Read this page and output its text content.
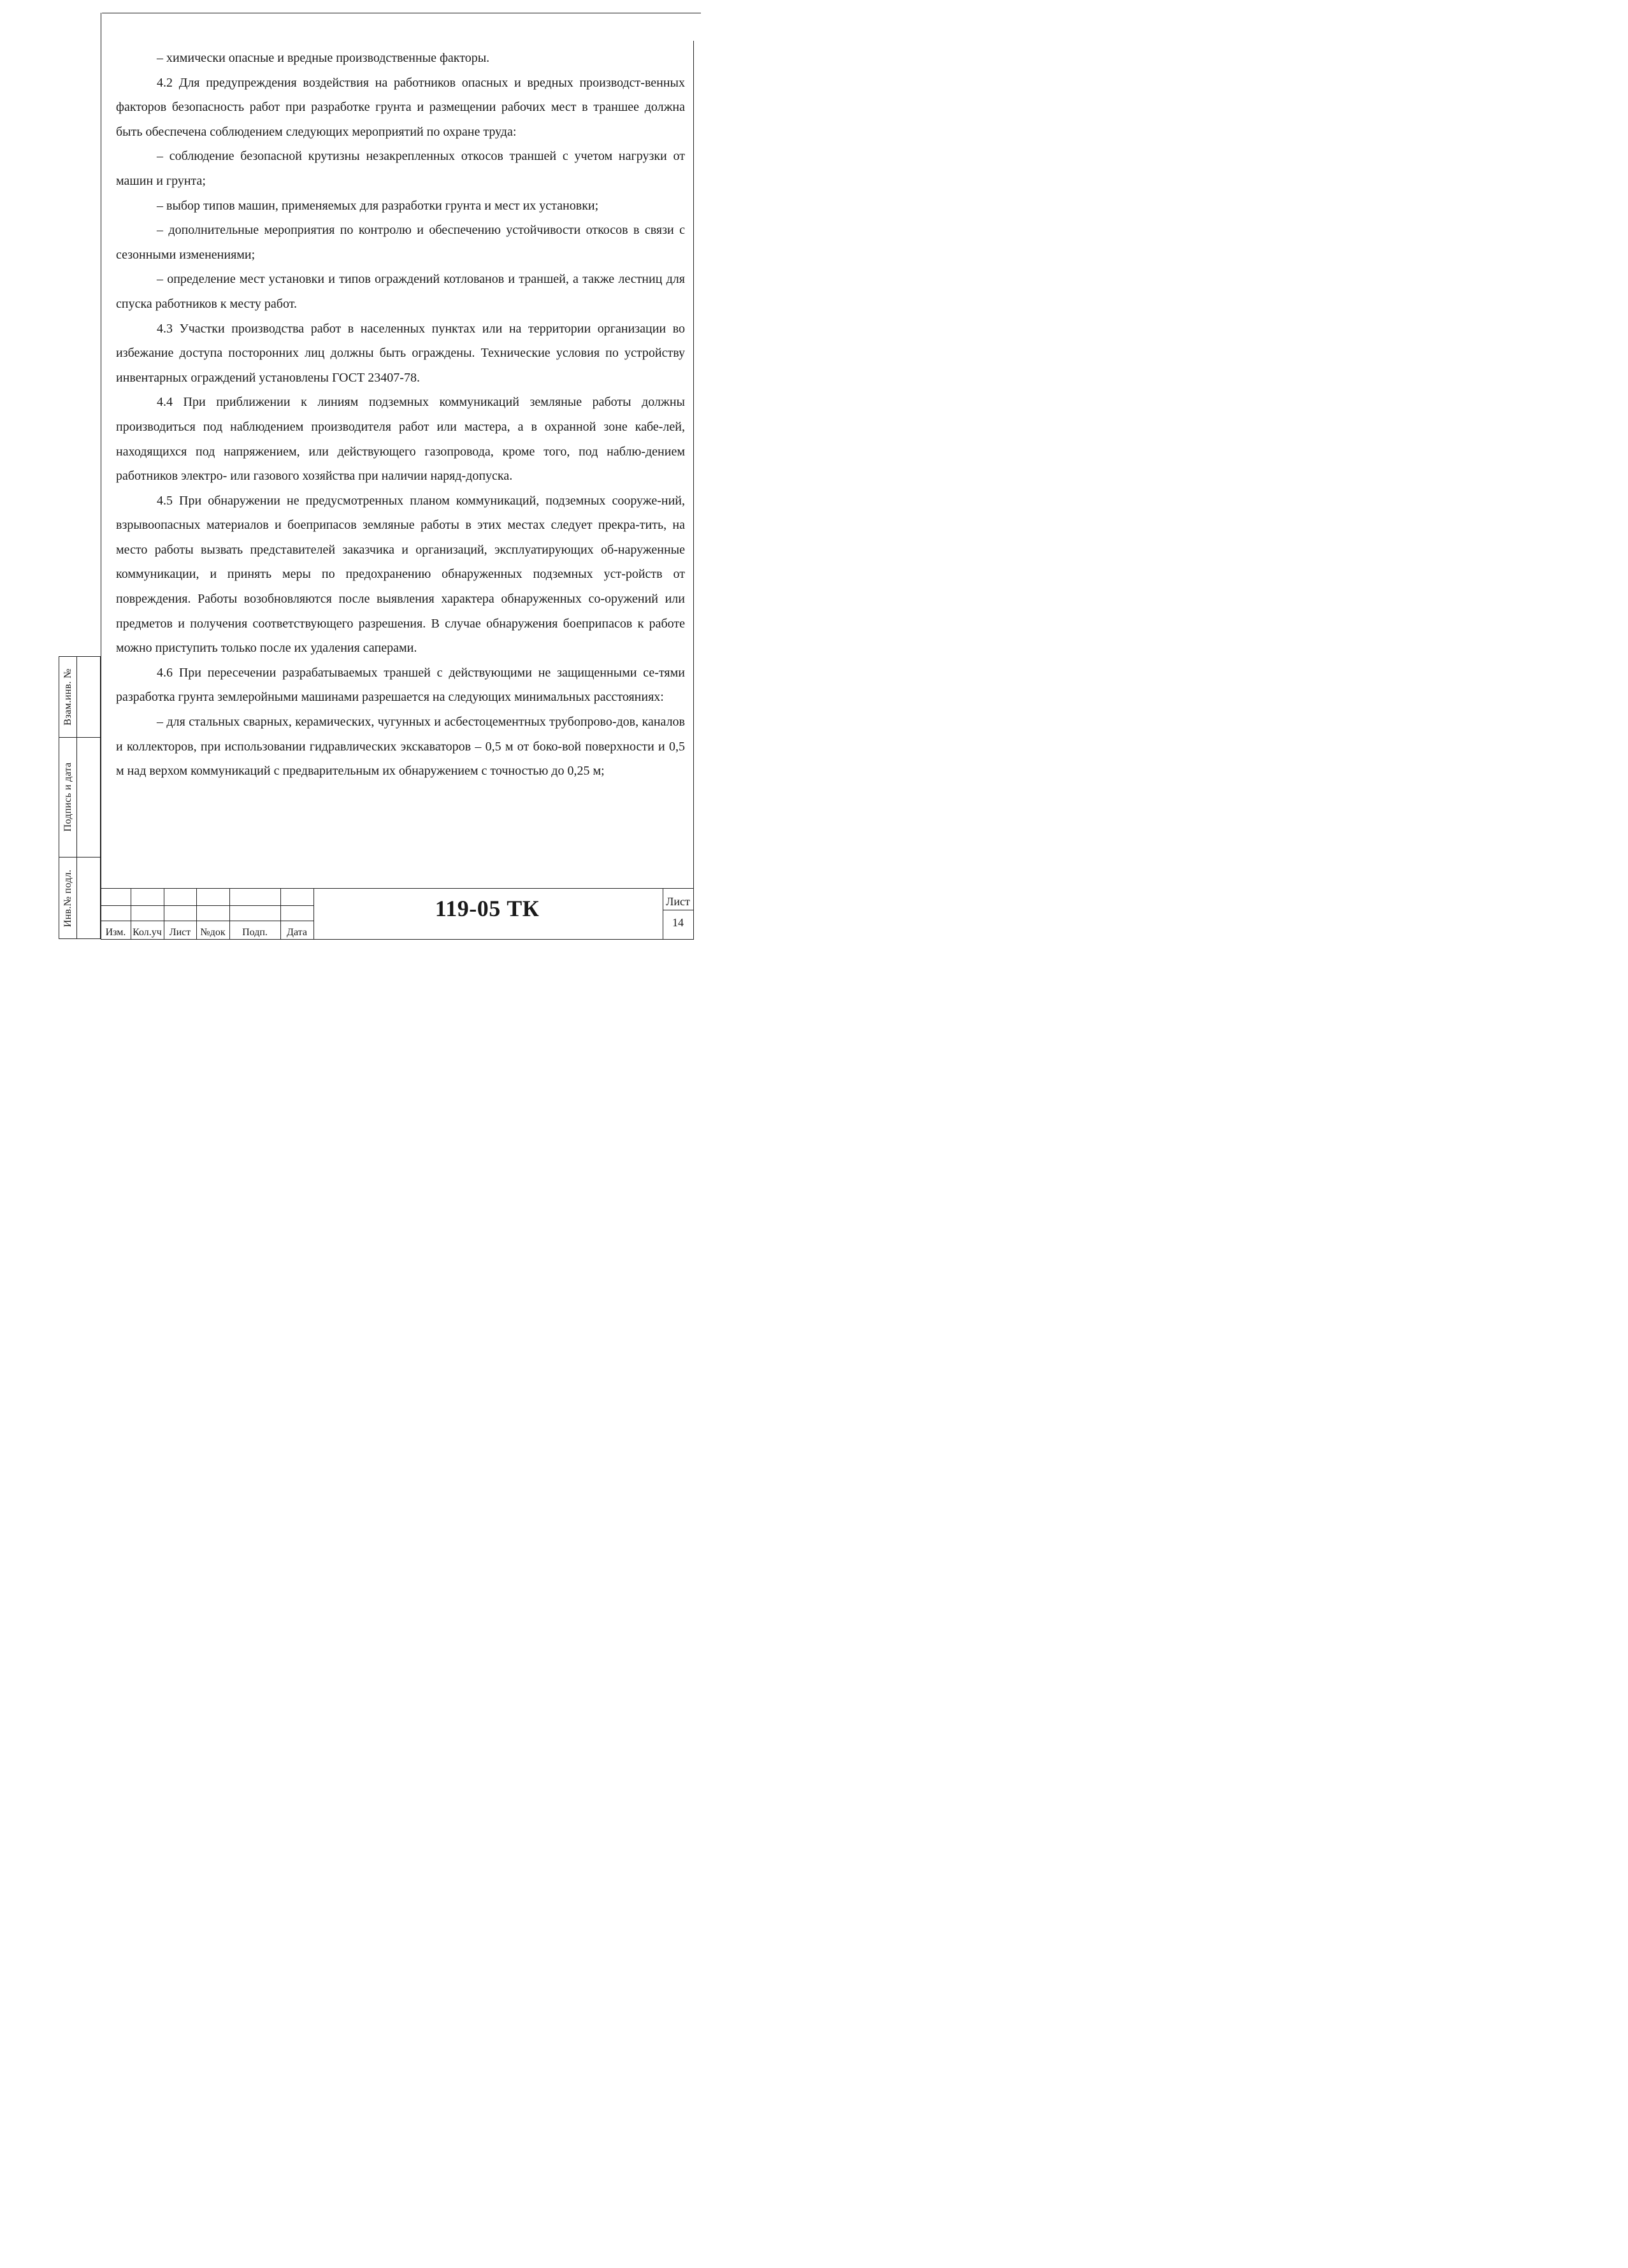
– химически опасные и вредные производственные факторы.

4.2 Для предупреждения воздействия на работников опасных и вредных производст-венных факторов безопасность работ при разработке грунта и размещении рабочих мест в траншее должна быть обеспечена соблюдением следующих мероприятий по охране труда:

– соблюдение безопасной крутизны незакрепленных откосов траншей с учетом нагрузки от машин и грунта;

– выбор типов машин, применяемых для разработки грунта и мест их установки;

– дополнительные мероприятия по контролю и обеспечению устойчивости откосов в связи с сезонными изменениями;

– определение мест установки и типов ограждений котлованов и траншей, а также лестниц для спуска работников к месту работ.

4.3 Участки производства работ в населенных пунктах или на территории организации во избежание доступа посторонних лиц должны быть ограждены. Технические условия по устройству инвентарных ограждений установлены ГОСТ 23407-78.

4.4 При приближении к линиям подземных коммуникаций земляные работы должны производиться под наблюдением производителя работ или мастера, а в охранной зоне кабе-лей, находящихся под напряжением, или действующего газопровода, кроме того, под наблю-дением работников электро- или газового хозяйства при наличии наряд-допуска.

4.5 При обнаружении не предусмотренных планом коммуникаций, подземных сооруже-ний, взрывоопасных материалов и боеприпасов земляные работы в этих местах следует прекра-тить, на место работы вызвать представителей заказчика и организаций, эксплуатирующих об-наруженные коммуникации, и принять меры по предохранению обнаруженных подземных уст-ройств от повреждения. Работы возобновляются после выявления характера обнаруженных со-оружений или предметов и получения соответствующего разрешения. В случае обнаружения боеприпасов к работе можно приступить только после их удаления саперами.

4.6 При пересечении разрабатываемых траншей с действующими не защищенными се-тями разработка грунта землеройными машинами разрешается на следующих минимальных расстояниях:

– для стальных сварных, керамических, чугунных и асбестоцементных трубопрово-дов, каналов и коллекторов, при использовании гидравлических экскаваторов – 0,5 м от боко-вой поверхности и 0,5 м над верхом коммуникаций с предварительным их обнаружением с точностью до 0,25 м;

Взам.инв. №
Подпись и дата
Инв.№ подл.
Изм. Кол.уч Лист №док	Подп.	Дата
119-05 ТК	Лист
14
